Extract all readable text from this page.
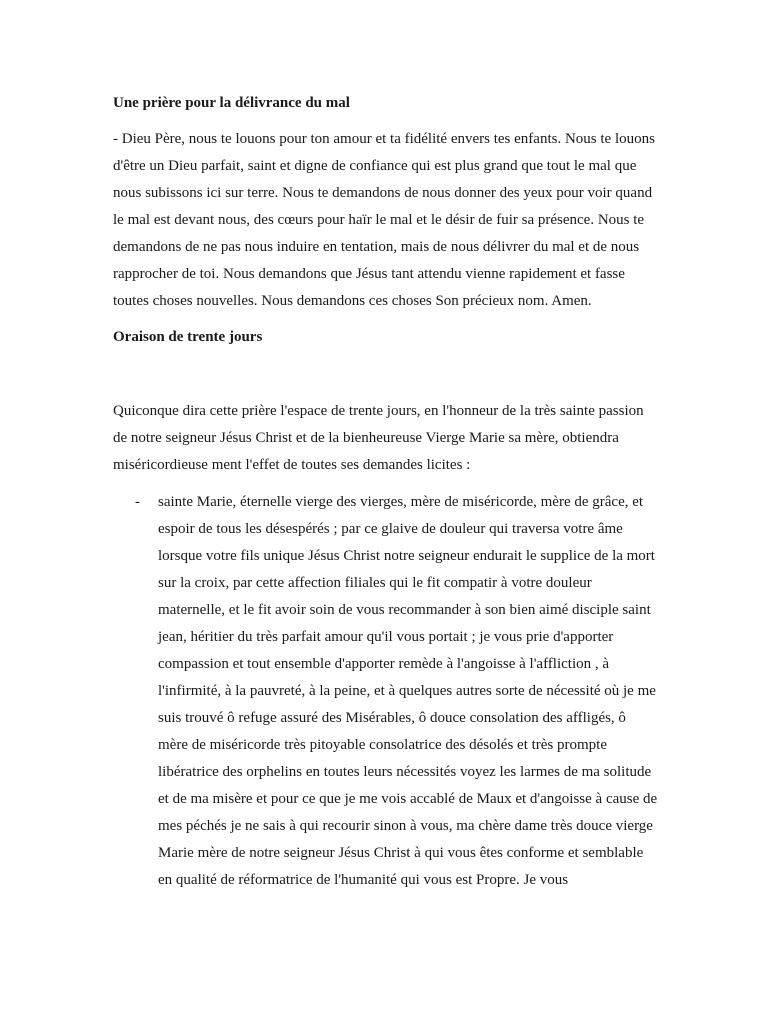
Une prière pour la délivrance du mal

- Dieu Père, nous te louons pour ton amour et ta fidélité envers tes enfants. Nous te louons d'être un Dieu parfait, saint et digne de confiance qui est plus grand que tout le mal que nous subissons ici sur terre. Nous te demandons de nous donner des yeux pour voir quand le mal est devant nous, des cœurs pour haïr le mal et le désir de fuir sa présence. Nous te demandons de ne pas nous induire en tentation, mais de nous délivrer du mal et de nous rapprocher de toi. Nous demandons que Jésus tant attendu vienne rapidement et fasse toutes choses nouvelles. Nous demandons ces choses Son précieux nom. Amen.

Oraison de trente jours

Quiconque dira cette prière l'espace de trente jours, en l'honneur de la très sainte passion de notre seigneur Jésus Christ et de la bienheureuse Vierge Marie sa mère, obtiendra miséricordieuse ment l'effet de toutes ses demandes licites :

- sainte Marie, éternelle vierge des vierges, mère de miséricorde, mère de grâce, et espoir de tous les désespérés ; par ce glaive de douleur qui traversa votre âme lorsque votre fils unique Jésus Christ notre seigneur endurait le supplice de la mort sur la croix, par cette affection filiales qui le fit compatir à votre douleur maternelle, et le fit avoir soin de vous recommander à son bien aimé disciple saint jean, héritier du très parfait amour qu'il vous portait ; je vous prie d'apporter compassion et tout ensemble d'apporter remède à l'angoisse à l'affliction , à l'infirmité, à la pauvreté, à la peine, et à quelques autres sorte de nécessité où je me suis trouvé ô refuge assuré des Misérables, ô douce consolation des affligés, ô mère de miséricorde très pitoyable consolatrice des désolés et très prompte libératrice des orphelins en toutes leurs nécessités voyez les larmes de ma solitude et de ma misère et pour ce que je me vois accablé de Maux et d'angoisse à cause de mes péchés je ne sais à qui recourir sinon à vous, ma chère dame très douce vierge Marie mère de notre seigneur Jésus Christ à qui vous êtes conforme et semblable en qualité de réformatrice de l'humanité qui vous est Propre. Je vous
